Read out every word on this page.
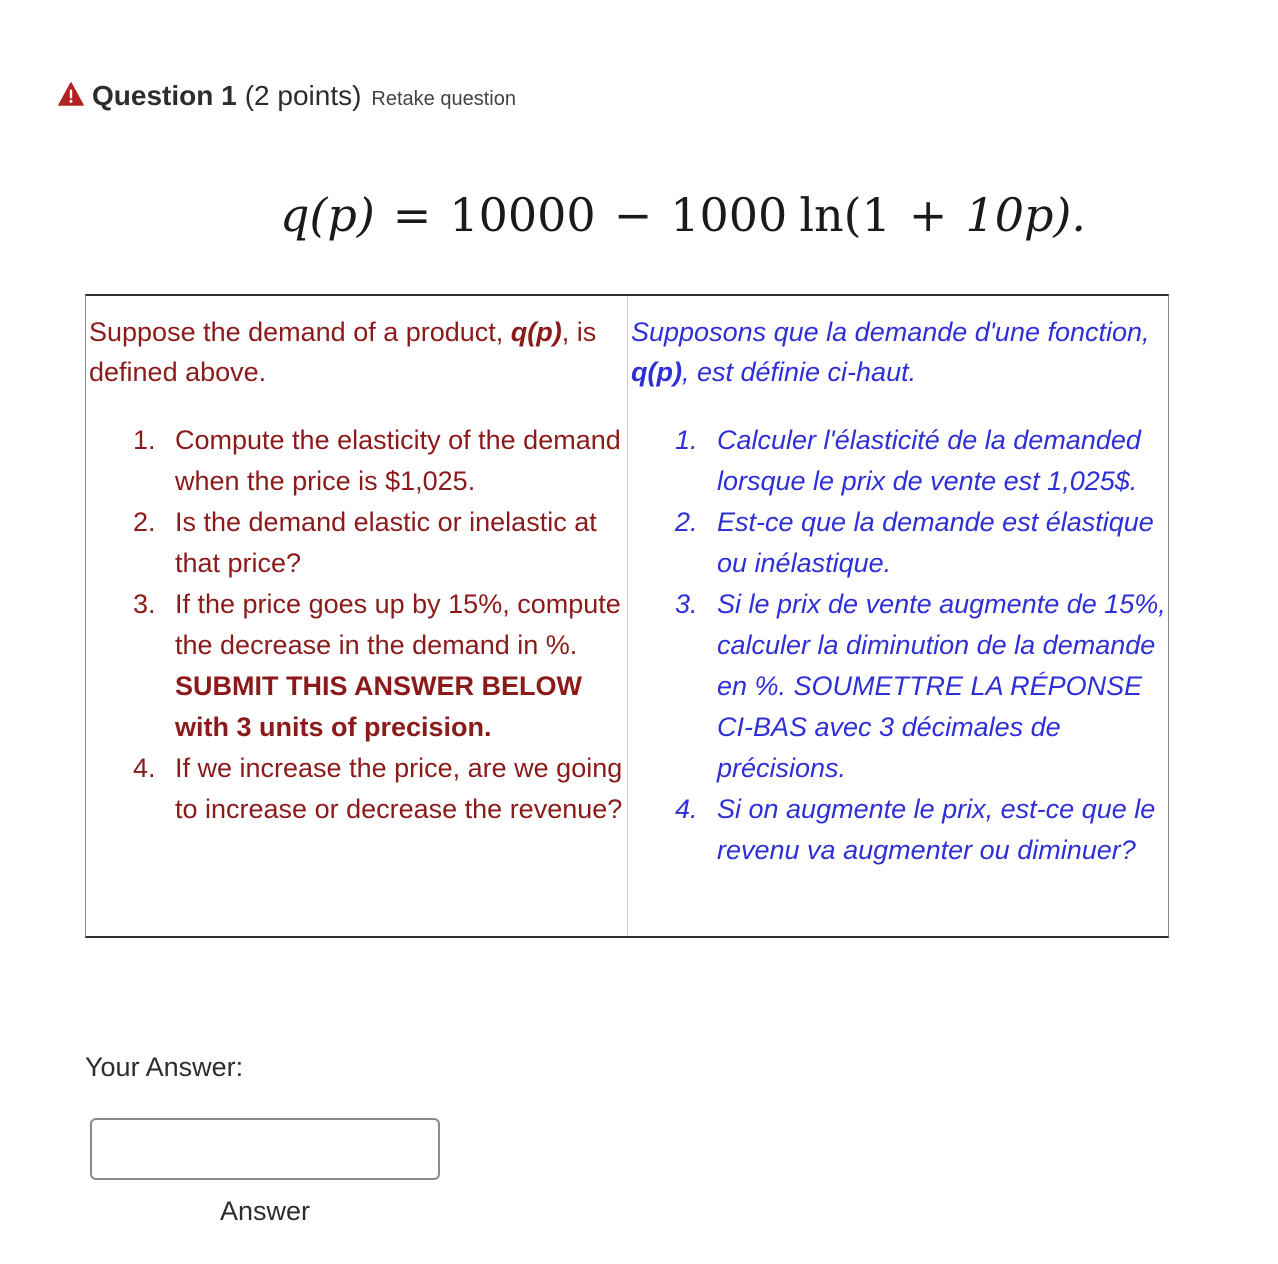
Question 1 (2 points) Retake question
q(p) = 10000 − 1000 ln(1 + 10p).

Suppose the demand of a product, q(p), is defined above.

1. Compute the elasticity of the demand when the price is $1,025.
2. Is the demand elastic or inelastic at that price?
3. If the price goes up by 15%, compute the decrease in the demand in %. SUBMIT THIS ANSWER BELOW with 3 units of precision.
4. If we increase the price, are we going to increase or decrease the revenue?

Supposons que la demande d'une fonction, q(p), est définie ci-haut.

1. Calculer l'élasticité de la demanded lorsque le prix de vente est 1,025$.
2. Est-ce que la demande est élastique ou inélastique.
3. Si le prix de vente augmente de 15%, calculer la diminution de la demande en %. SOUMETTRE LA RÉPONSE CI-BAS avec 3 décimales de précisions.
4. Si on augmente le prix, est-ce que le revenu va augmenter ou diminuer?
Your Answer:
Answer
